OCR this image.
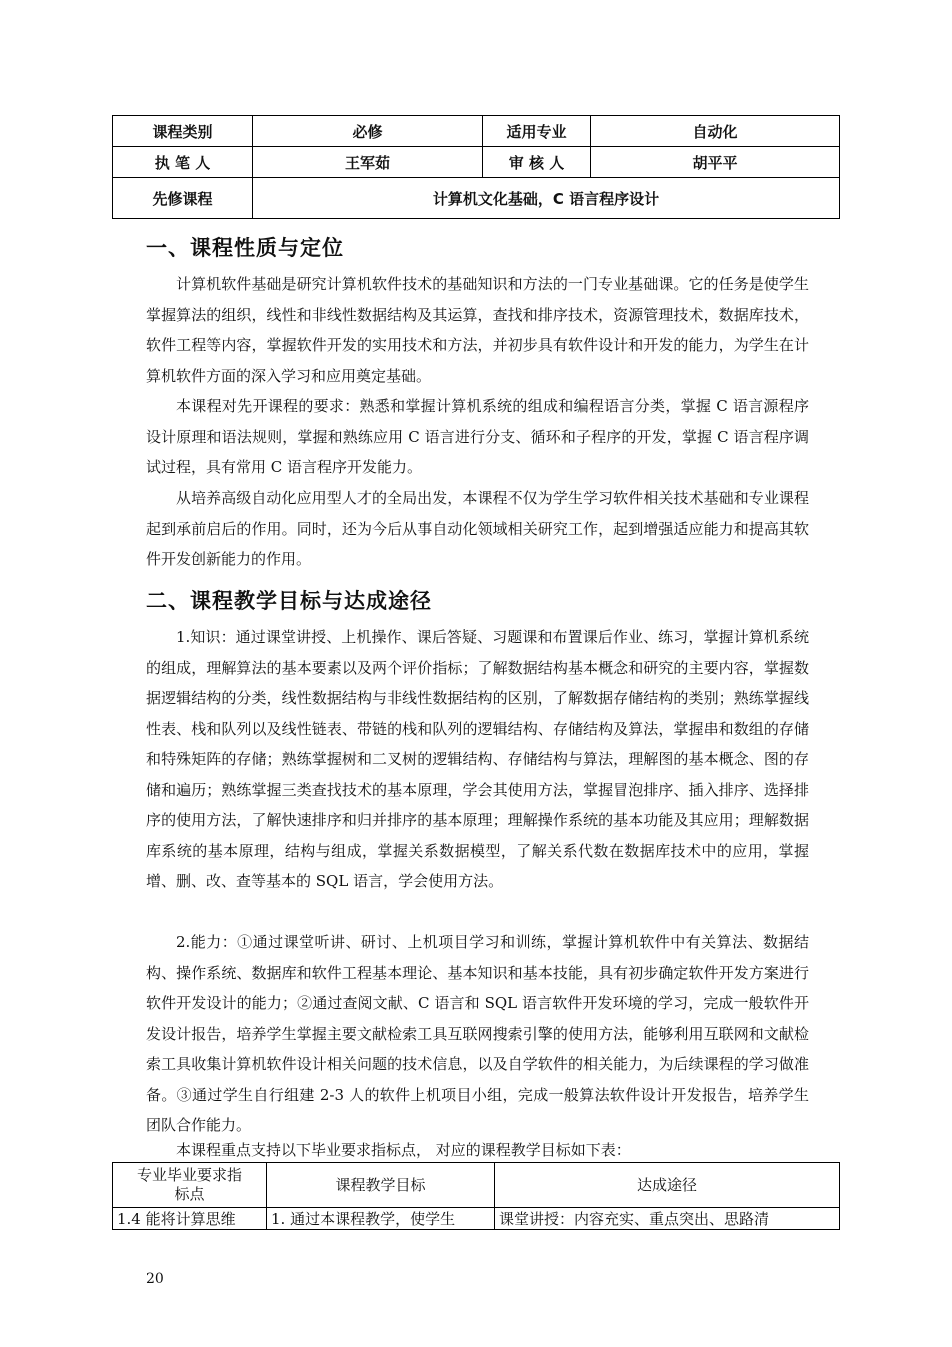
课程类别	必修	适用专业	自动化
执 笔 人	王军茹	审 核 人	胡平平
先修课程	计算机文化基础，C 语言程序设计		
一、课程性质与定位

计算机软件基础是研究计算机软件技术的基础知识和方法的一门专业基础课。它的任务是使学生掌握算法的组织，线性和非线性数据结构及其运算，查找和排序技术，资源管理技术，数据库技术，软件工程等内容，掌握软件开发的实用技术和方法，并初步具有软件设计和开发的能力，为学生在计算机软件方面的深入学习和应用奠定基础。

本课程对先开课程的要求：熟悉和掌握计算机系统的组成和编程语言分类，掌握 C 语言源程序设计原理和语法规则，掌握和熟练应用 C 语言进行分支、循环和子程序的开发，掌握 C 语言程序调试过程，具有常用 C 语言程序开发能力。

从培养高级自动化应用型人才的全局出发，本课程不仅为学生学习软件相关技术基础和专业课程起到承前启后的作用。同时，还为今后从事自动化领域相关研究工作，起到增强适应能力和提高其软件开发创新能力的作用。

二、课程教学目标与达成途径

1.知识：通过课堂讲授、上机操作、课后答疑、习题课和布置课后作业、练习，掌握计算机系统的组成，理解算法的基本要素以及两个评价指标；了解数据结构基本概念和研究的主要内容，掌握数据逻辑结构的分类，线性数据结构与非线性数据结构的区别，了解数据存储结构的类别；熟练掌握线性表、栈和队列以及线性链表、带链的栈和队列的逻辑结构、存储结构及算法，掌握串和数组的存储和特殊矩阵的存储；熟练掌握树和二叉树的逻辑结构、存储结构与算法，理解图的基本概念、图的存储和遍历；熟练掌握三类查找技术的基本原理，学会其使用方法，掌握冒泡排序、插入排序、选择排序的使用方法，了解快速排序和归并排序的基本原理；理解操作系统的基本功能及其应用；理解数据库系统的基本原理，结构与组成，掌握关系数据模型，了解关系代数在数据库技术中的应用，掌握增、删、改、查等基本的 SQL 语言，学会使用方法。

2.能力：①通过课堂听讲、研讨、上机项目学习和训练，掌握计算机软件中有关算法、数据结构、操作系统、数据库和软件工程基本理论、基本知识和基本技能，具有初步确定软件开发方案进行软件开发设计的能力；②通过查阅文献、C 语言和 SQL 语言软件开发环境的学习，完成一般软件开发设计报告，培养学生掌握主要文献检索工具互联网搜索引擎的使用方法，能够利用互联网和文献检索工具收集计算机软件设计相关问题的技术信息，以及自学软件的相关能力，为后续课程的学习做准备。③通过学生自行组建 2-3 人的软件上机项目小组，完成一般算法软件设计开发报告，培养学生团队合作能力。

本课程重点支持以下毕业要求指标点， 对应的课程教学目标如下表：

专业毕业要求指标点	课程教学目标	达成途径
1.4 能将计算思维	1. 通过本课程教学，使学生	课堂讲授：内容充实、重点突出、思路清
20
